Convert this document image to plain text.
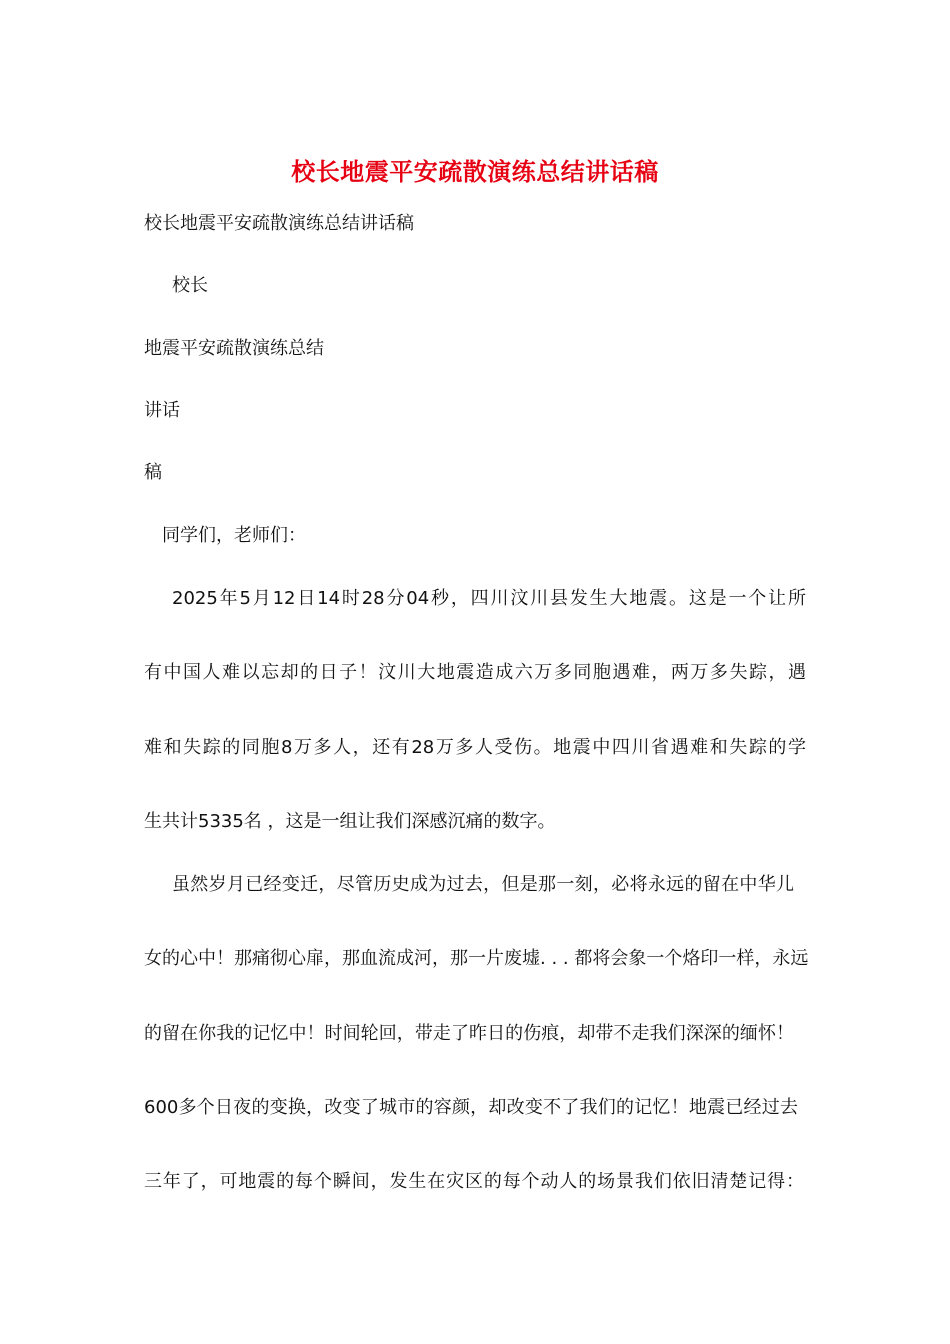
校长地震平安疏散演练总结讲话稿
校长地震平安疏散演练总结讲话稿
校长
地震平安疏散演练总结
讲话
稿
同学们，老师们：
2025年5月12日14时28分04秒，四川汶川县发生大地震。这是一个让所
有中国人难以忘却的日子！汶川大地震造成六万多同胞遇难，两万多失踪，遇
难和失踪的同胞8万多人，还有28万多人受伤。地震中四川省遇难和失踪的学
生共计5335名 ，这是一组让我们深感沉痛的数字。
虽然岁月已经变迁，尽管历史成为过去，但是那一刻，必将永远的留在中华儿
女的心中！那痛彻心扉，那血流成河，那一片废墟. . . 都将会象一个烙印一样，永远
的留在你我的记忆中！时间轮回，带走了昨日的伤痕，却带不走我们深深的缅怀！
600多个日夜的变换，改变了城市的容颜，却改变不了我们的记忆！地震已经过去
三年了，可地震的每个瞬间，发生在灾区的每个动人的场景我们依旧清楚记得：
